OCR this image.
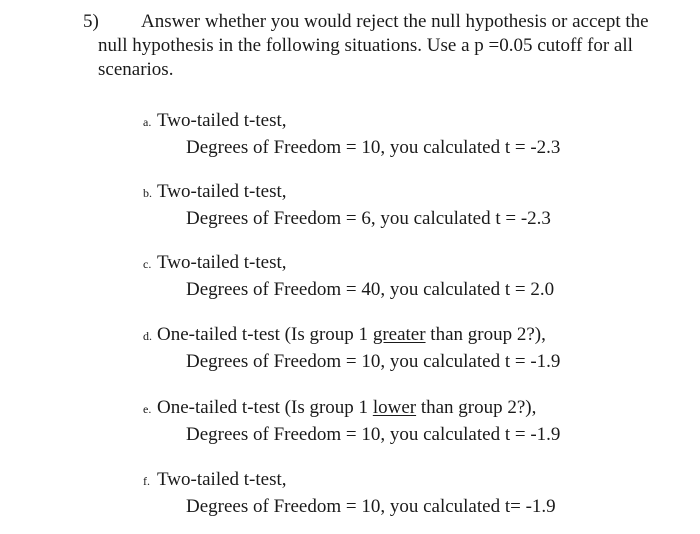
5)	Answer whether you would reject the null hypothesis or accept the null hypothesis in the following situations. Use a p =0.05 cutoff for all scenarios.

a. Two-tailed t-test,
Degrees of Freedom = 10, you calculated t = -2.3
b. Two-tailed t-test,
Degrees of Freedom = 6, you calculated t = -2.3
c. Two-tailed t-test,
Degrees of Freedom = 40, you calculated t = 2.0
d. One-tailed t-test (Is group 1 greater than group 2?),
Degrees of Freedom = 10, you calculated t = -1.9
e. One-tailed t-test (Is group 1 lower than group 2?),
Degrees of Freedom = 10, you calculated t = -1.9
f. Two-tailed t-test,
Degrees of Freedom = 10, you calculated t= -1.9
